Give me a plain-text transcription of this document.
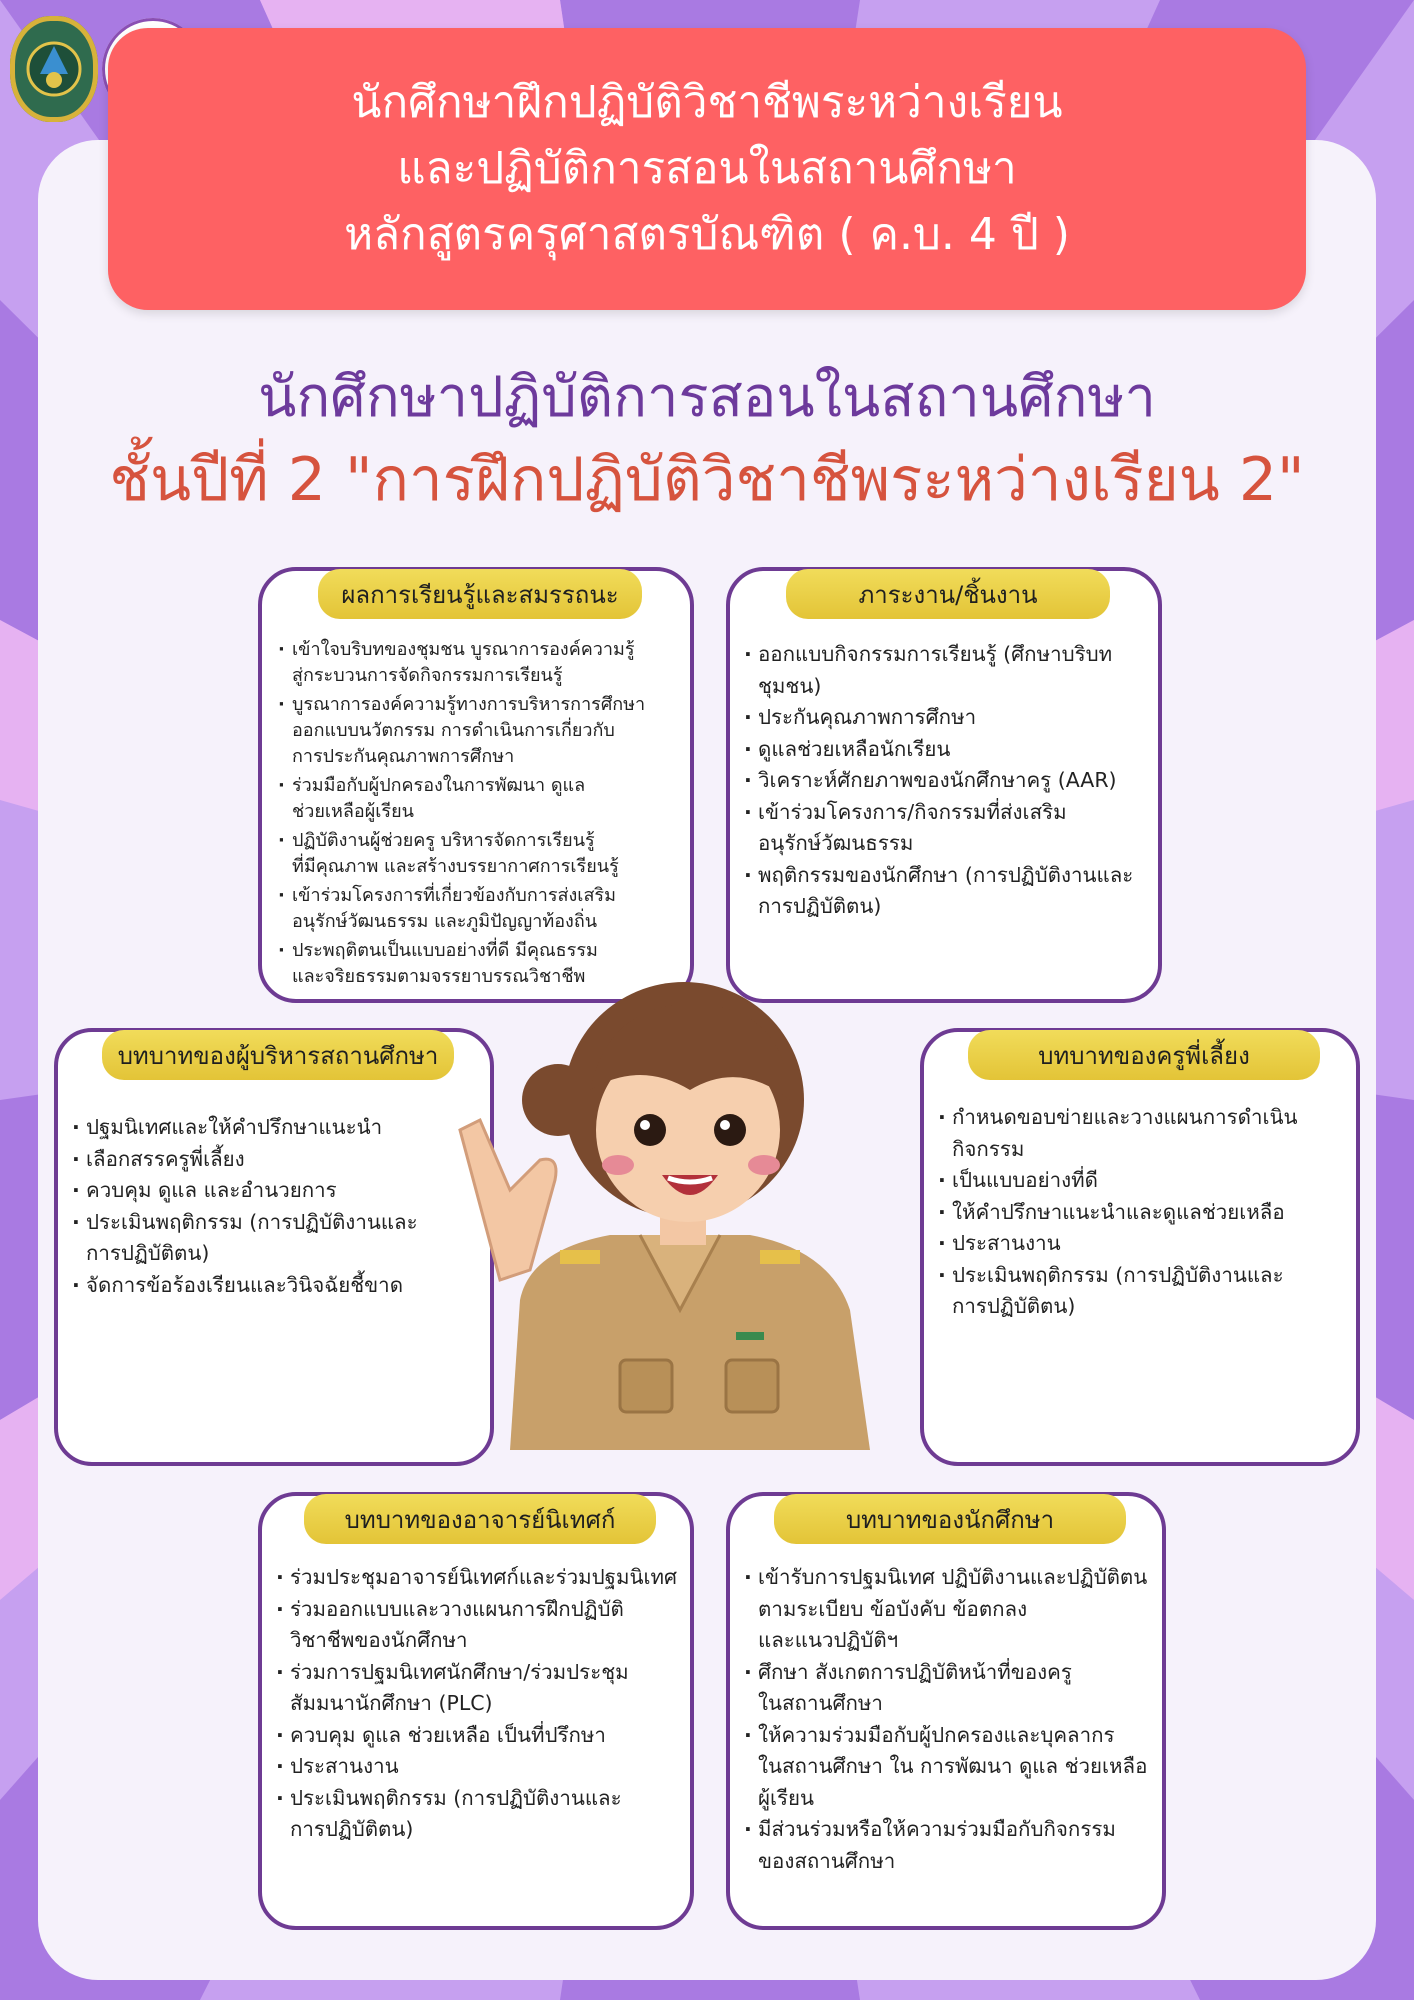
นักศึกษาฝึกปฏิบัติวิชาชีพระหว่างเรียน
และปฏิบัติการสอนในสถานศึกษา
หลักสูตรครุศาสตรบัณฑิต ( ค.บ. 4 ปี )
นักศึกษาปฏิบัติการสอนในสถานศึกษา
ชั้นปีที่ 2 "การฝึกปฏิบัติวิชาชีพระหว่างเรียน 2"
ผลการเรียนรู้และสมรรถนะ
· เข้าใจบริบทของชุมชน บูรณาการองค์ความรู้
สู่กระบวนการจัดกิจกรรมการเรียนรู้
· บูรณาการองค์ความรู้ทางการบริหารการศึกษา
ออกแบบนวัตกรรม การดำเนินการเกี่ยวกับ
การประกันคุณภาพการศึกษา
· ร่วมมือกับผู้ปกครองในการพัฒนา ดูแล
ช่วยเหลือผู้เรียน
· ปฏิบัติงานผู้ช่วยครู บริหารจัดการเรียนรู้
ที่มีคุณภาพ และสร้างบรรยากาศการเรียนรู้
· เข้าร่วมโครงการที่เกี่ยวข้องกับการส่งเสริม
อนุรักษ์วัฒนธรรม และภูมิปัญญาท้องถิ่น
· ประพฤติตนเป็นแบบอย่างที่ดี มีคุณธรรม
และจริยธรรมตามจรรยาบรรณวิชาชีพ
ภาระงาน/ชิ้นงาน
· ออกแบบกิจกรรมการเรียนรู้ (ศึกษาบริบท
ชุมชน)
· ประกันคุณภาพการศึกษา
· ดูแลช่วยเหลือนักเรียน
· วิเคราะห์ศักยภาพของนักศึกษาครู (AAR)
· เข้าร่วมโครงการ/กิจกรรมที่ส่งเสริม
อนุรักษ์วัฒนธรรม
· พฤติกรรมของนักศึกษา (การปฏิบัติงานและ
การปฏิบัติตน)
บทบาทของผู้บริหารสถานศึกษา
· ปฐมนิเทศและให้คำปรึกษาแนะนำ
· เลือกสรรครูพี่เลี้ยง
· ควบคุม ดูแล และอำนวยการ
· ประเมินพฤติกรรม (การปฏิบัติงานและ
การปฏิบัติตน)
· จัดการข้อร้องเรียนและวินิจฉัยชี้ขาด
บทบาทของครูพี่เลี้ยง
· กำหนดขอบข่ายและวางแผนการดำเนิน
กิจกรรม
· เป็นแบบอย่างที่ดี
· ให้คำปรึกษาแนะนำและดูแลช่วยเหลือ
· ประสานงาน
· ประเมินพฤติกรรม (การปฏิบัติงานและ
การปฏิบัติตน)
บทบาทของอาจารย์นิเทศก์
· ร่วมประชุมอาจารย์นิเทศก์และร่วมปฐมนิเทศ
· ร่วมออกแบบและวางแผนการฝึกปฏิบัติ
วิชาชีพของนักศึกษา
· ร่วมการปฐมนิเทศนักศึกษา/ร่วมประชุม
สัมมนานักศึกษา (PLC)
· ควบคุม ดูแล ช่วยเหลือ เป็นที่ปรึกษา
· ประสานงาน
· ประเมินพฤติกรรม (การปฏิบัติงานและ
การปฏิบัติตน)
บทบาทของนักศึกษา
· เข้ารับการปฐมนิเทศ ปฏิบัติงานและปฏิบัติตน
ตามระเบียบ ข้อบังคับ ข้อตกลง
และแนวปฏิบัติฯ
· ศึกษา สังเกตการปฏิบัติหน้าที่ของครู
ในสถานศึกษา
· ให้ความร่วมมือกับผู้ปกครองและบุคลากร
ในสถานศึกษา ใน การพัฒนา ดูแล ช่วยเหลือ
ผู้เรียน
· มีส่วนร่วมหรือให้ความร่วมมือกับกิจกรรม
ของสถานศึกษา
